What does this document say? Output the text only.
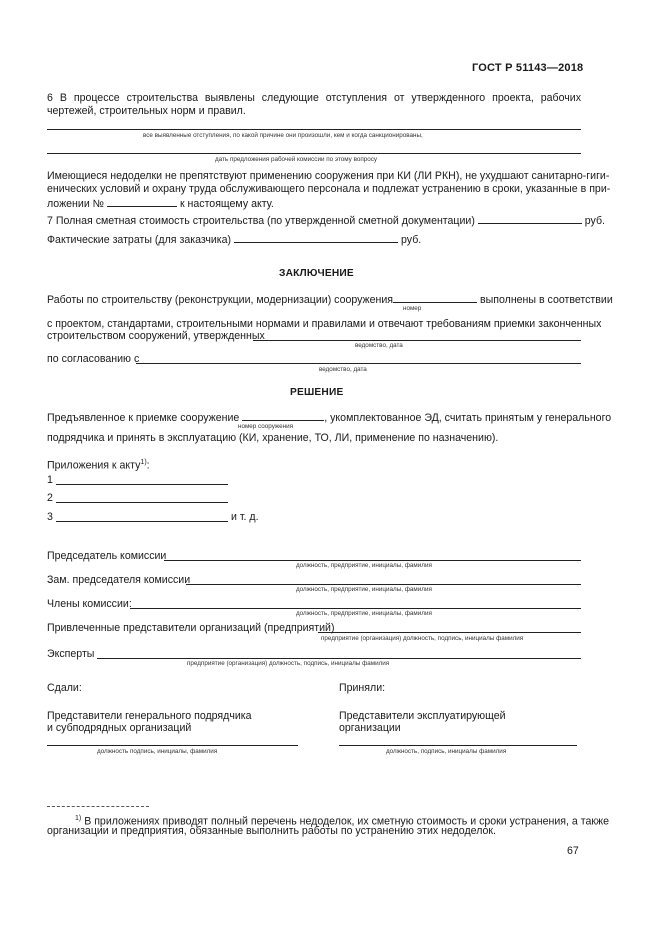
ГОСТ Р 51143—2018
6 В процессе строительства выявлены следующие отступления от утвержденного проекта, рабочих чертежей, строительных норм и правил.
все выявленные отступления, по какой причине они произошли, кем и когда санкционированы,
дать предложения рабочей комиссии по этому вопросу
Имеющиеся недоделки не препятствуют применению сооружения при КИ (ЛИ РКН), не ухудшают санитарно-гиги-
енических условий и охрану труда обслуживающего персонала и подлежат устранению в сроки, указанные в при-
ложении №	к настоящему акту.
7 Полная сметная стоимость строительства (по утвержденной сметной документации)	руб.
Фактические затраты (для заказчика)	руб.
ЗАКЛЮЧЕНИЕ
Работы по строительству (реконструкции, модернизации) сооружения	выполнены в соответствии
номер
с проектом, стандартами, строительными нормами и правилами и отвечают требованиям приемки законченных
строительством сооружений, утвержденных
ведомство, дата
по согласованию с
ведомство, дата
РЕШЕНИЕ
Предъявленное к приемке сооружение	, укомплектованное ЭД, считать принятым у генерального
номер сооружения
подрядчика и принять в эксплуатацию (КИ, хранение, ТО, ЛИ, применение по назначению).
Приложения к акту$^{1)}$:
1
2
3	и т. д.
Председатель комиссии
должность, предприятие, инициалы, фамилия
Зам. председателя комиссии
должность, предприятие, инициалы, фамилия
Члены комиссии:
должность, предприятие, инициалы, фамилия
Привлеченные представители организаций (предприятий)
предприятие (организация) должность, подпись, инициалы фамилия
Эксперты
предприятие (организация) должность, подпись, инициалы фамилия
Сдали:	Приняли:
Представители генерального подрядчика
и субподрядных организаций
Представители эксплуатирующей
организации
должность подпись, инициалы, фамилия	должность, подпись, инициалы фамилия
$^{1)}$ В приложениях приводят полный перечень недоделок, их сметную стоимость и сроки устранения, а также
организации и предприятия, обязанные выполнить работы по устранению этих недоделок.
67
